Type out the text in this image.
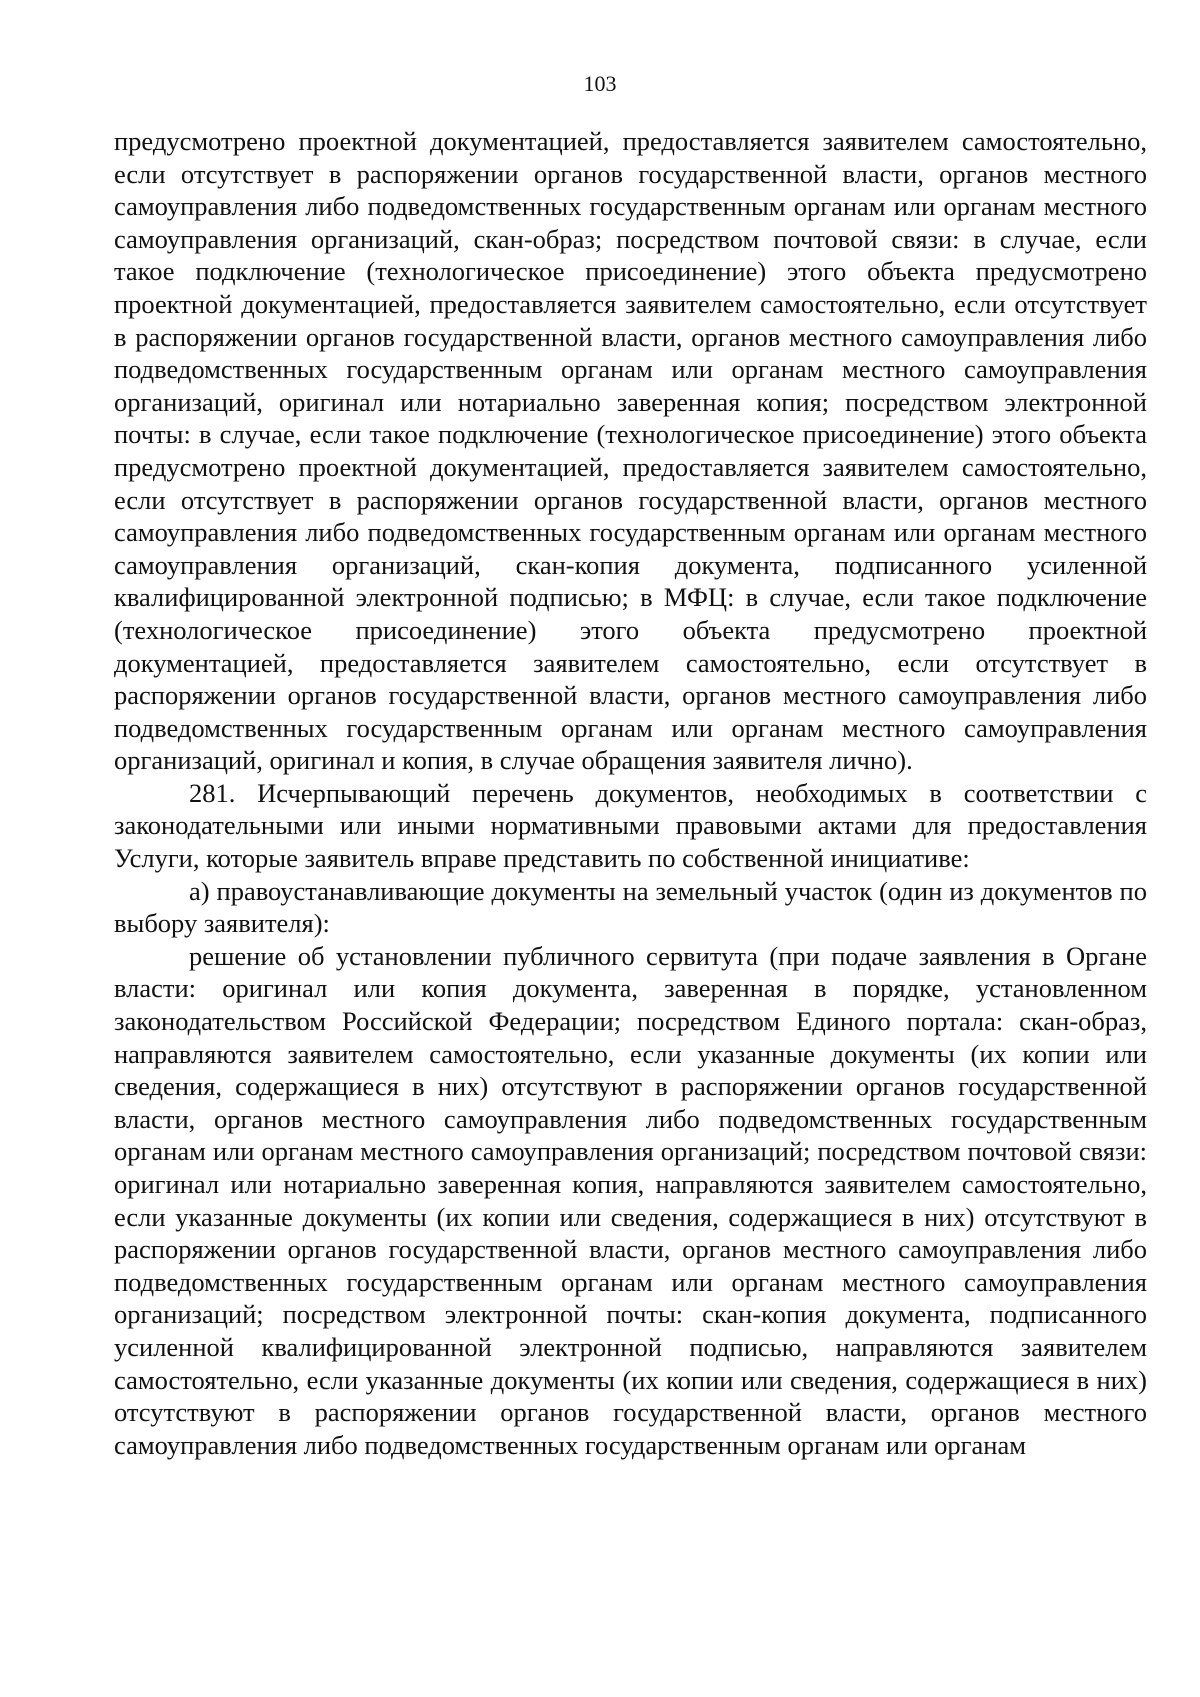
103

предусмотрено проектной документацией, предоставляется заявителем самостоятельно, если отсутствует в распоряжении органов государственной власти, органов местного самоуправления либо подведомственных государственным органам или органам местного самоуправления организаций, скан-образ; посредством почтовой связи: в случае, если такое подключение (технологическое присоединение) этого объекта предусмотрено проектной документацией, предоставляется заявителем самостоятельно, если отсутствует в распоряжении органов государственной власти, органов местного самоуправления либо подведомственных государственным органам или органам местного самоуправления организаций, оригинал или нотариально заверенная копия; посредством электронной почты: в случае, если такое подключение (технологическое присоединение) этого объекта предусмотрено проектной документацией, предоставляется заявителем самостоятельно, если отсутствует в распоряжении органов государственной власти, органов местного самоуправления либо подведомственных государственным органам или органам местного самоуправления организаций, скан-копия документа, подписанного усиленной квалифицированной электронной подписью; в МФЦ: в случае, если такое подключение (технологическое присоединение) этого объекта предусмотрено проектной документацией, предоставляется заявителем самостоятельно, если отсутствует в распоряжении органов государственной власти, органов местного самоуправления либо подведомственных государственным органам или органам местного самоуправления организаций, оригинал и копия, в случае обращения заявителя лично).

281. Исчерпывающий перечень документов, необходимых в соответствии с законодательными или иными нормативными правовыми актами для предоставления Услуги, которые заявитель вправе представить по собственной инициативе:

а) правоустанавливающие документы на земельный участок (один из документов по выбору заявителя):

решение об установлении публичного сервитута (при подаче заявления в Органе власти: оригинал или копия документа, заверенная в порядке, установленном законодательством Российской Федерации; посредством Единого портала: скан-образ, направляются заявителем самостоятельно, если указанные документы (их копии или сведения, содержащиеся в них) отсутствуют в распоряжении органов государственной власти, органов местного самоуправления либо подведомственных государственным органам или органам местного самоуправления организаций; посредством почтовой связи: оригинал или нотариально заверенная копия, направляются заявителем самостоятельно, если указанные документы (их копии или сведения, содержащиеся в них) отсутствуют в распоряжении органов государственной власти, органов местного самоуправления либо подведомственных государственным органам или органам местного самоуправления организаций; посредством электронной почты: скан-копия документа, подписанного усиленной квалифицированной электронной подписью, направляются заявителем самостоятельно, если указанные документы (их копии или сведения, содержащиеся в них) отсутствуют в распоряжении органов государственной власти, органов местного самоуправления либо подведомственных государственным органам или органам
